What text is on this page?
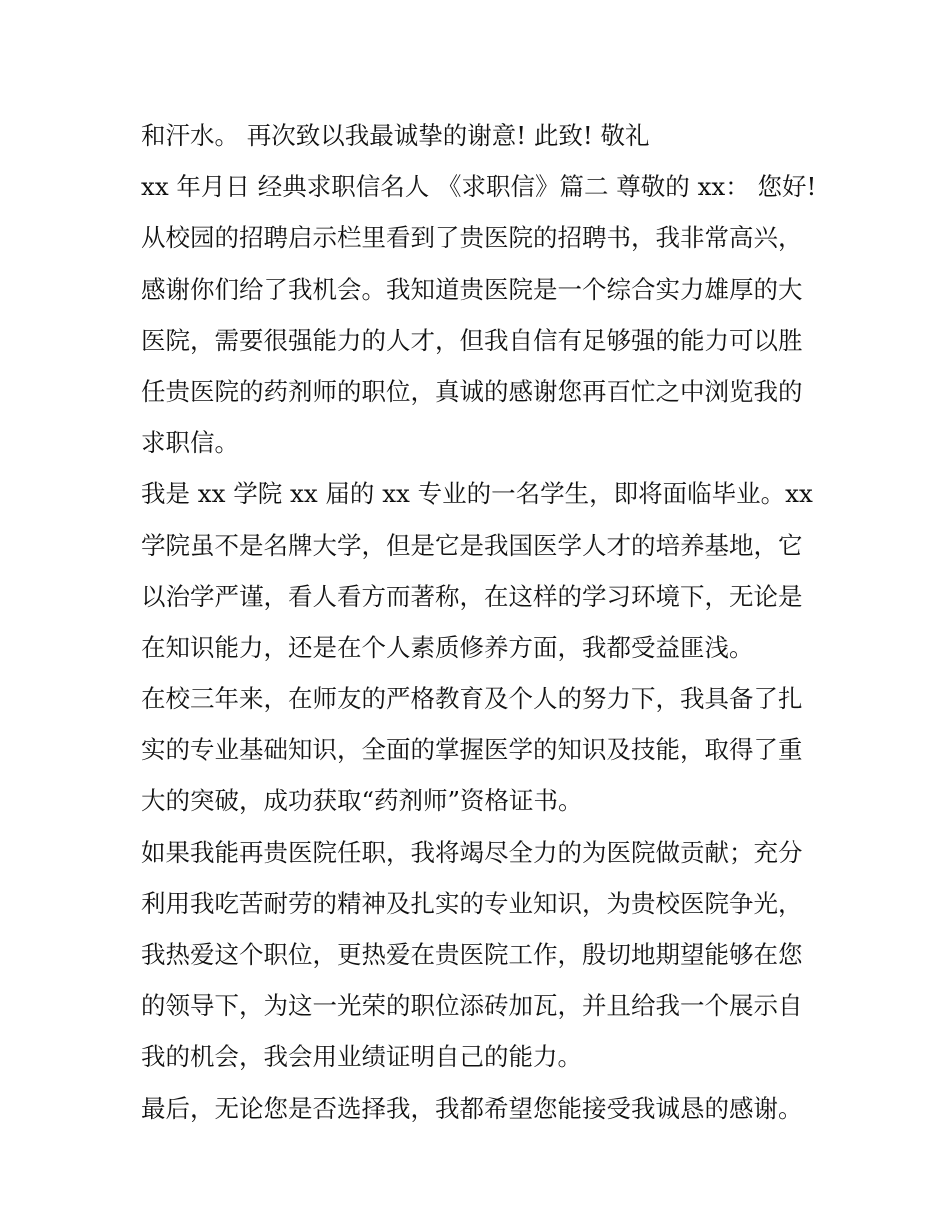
和汗水。 再次致以我最诚挚的谢意! 此致! 敬礼
xx 年月日 经典求职信名人 《求职信》篇二 尊敬的 xx： 您好!
从校园的招聘启示栏里看到了贵医院的招聘书，我非常高兴，
感谢你们给了我机会。我知道贵医院是一个综合实力雄厚的大
医院，需要很强能力的人才，但我自信有足够强的能力可以胜
任贵医院的药剂师的职位，真诚的感谢您再百忙之中浏览我的
求职信。
我是 xx 学院 xx 届的 xx 专业的一名学生，即将面临毕业。xx
学院虽不是名牌大学，但是它是我国医学人才的培养基地，它
以治学严谨，看人看方而著称，在这样的学习环境下，无论是
在知识能力，还是在个人素质修养方面，我都受益匪浅。
在校三年来，在师友的严格教育及个人的努力下，我具备了扎
实的专业基础知识，全面的掌握医学的知识及技能，取得了重
大的突破，成功获取“药剂师”资格证书。
如果我能再贵医院任职，我将竭尽全力的为医院做贡献；充分
利用我吃苦耐劳的精神及扎实的专业知识，为贵校医院争光，
我热爱这个职位，更热爱在贵医院工作，殷切地期望能够在您
的领导下，为这一光荣的职位添砖加瓦，并且给我一个展示自
我的机会，我会用业绩证明自己的能力。
最后，无论您是否选择我，我都希望您能接受我诚恳的感谢。
